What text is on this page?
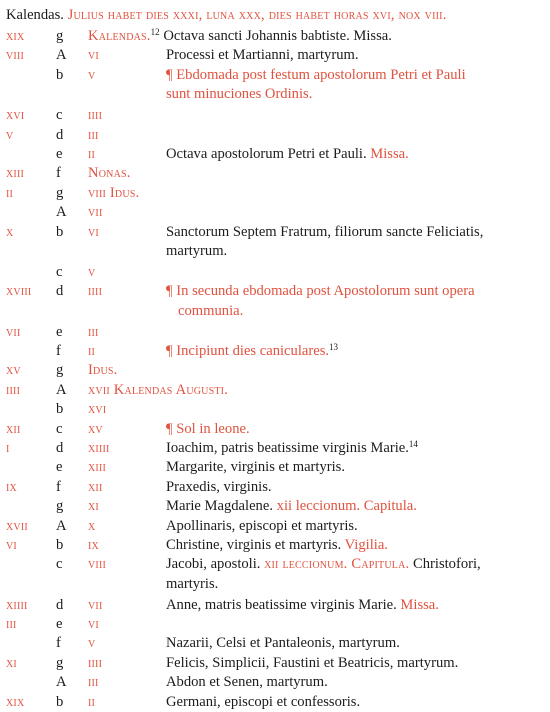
Kalendas. Julius habet dies xxxi, luna xxx, dies habet horas xvi, nox viii.
xix g Kalendas.$^{12}$ Octava sancti Johannis babtiste. Missa.
viii A vi	Processi et Martianni, martyrum.
b v	¶ Ebdomada post festum apostolorum Petri et Pauli
sunt minuciones Ordinis.
xvi c iiii
v	d iii
e ii	Octava apostolorum Petri et Pauli. Missa.
xiii f Nonas.
ii	g viii Idus.
A vii
x	b vi	Sanctorum Septem Fratrum, filiorum sancte Feliciatis,
martyrum.
c v
xviii d iiii	¶ In secunda ebdomada post Apostolorum sunt opera
communia.
vii e iii
f ii	¶ Incipiunt dies caniculares.$^{13}$
xv g Idus.
iiii A xvii Kalendas Augusti.
b xvi
xii c xv	¶ Sol in leone.
i	d xiiii	Ioachim, patris beatissime virginis Marie.$^{14}$
e xiii	Margarite, virginis et martyris.
ix	f xii	Praxedis, virginis.
g xi	Marie Magdalene. xii leccionum. Capitula.
xvii A x	Apollinaris, episcopi et martyris.
vi	b ix	Christine, virginis et martyris. Vigilia.
c viii	Jacobi, apostoli. xii leccionum. Capitula. Christofori,
martyris.
xiiii d vii	Anne, matris beatissime virginis Marie. Missa.
iii	e vi
f v	Nazarii, Celsi et Pantaleonis, martyrum.
xi	g iiii	Felicis, Simplicii, Faustini et Beatricis, martyrum.
A iii	Abdon et Senen, martyrum.
xix b ii	Germani, episcopi et confessoris.
